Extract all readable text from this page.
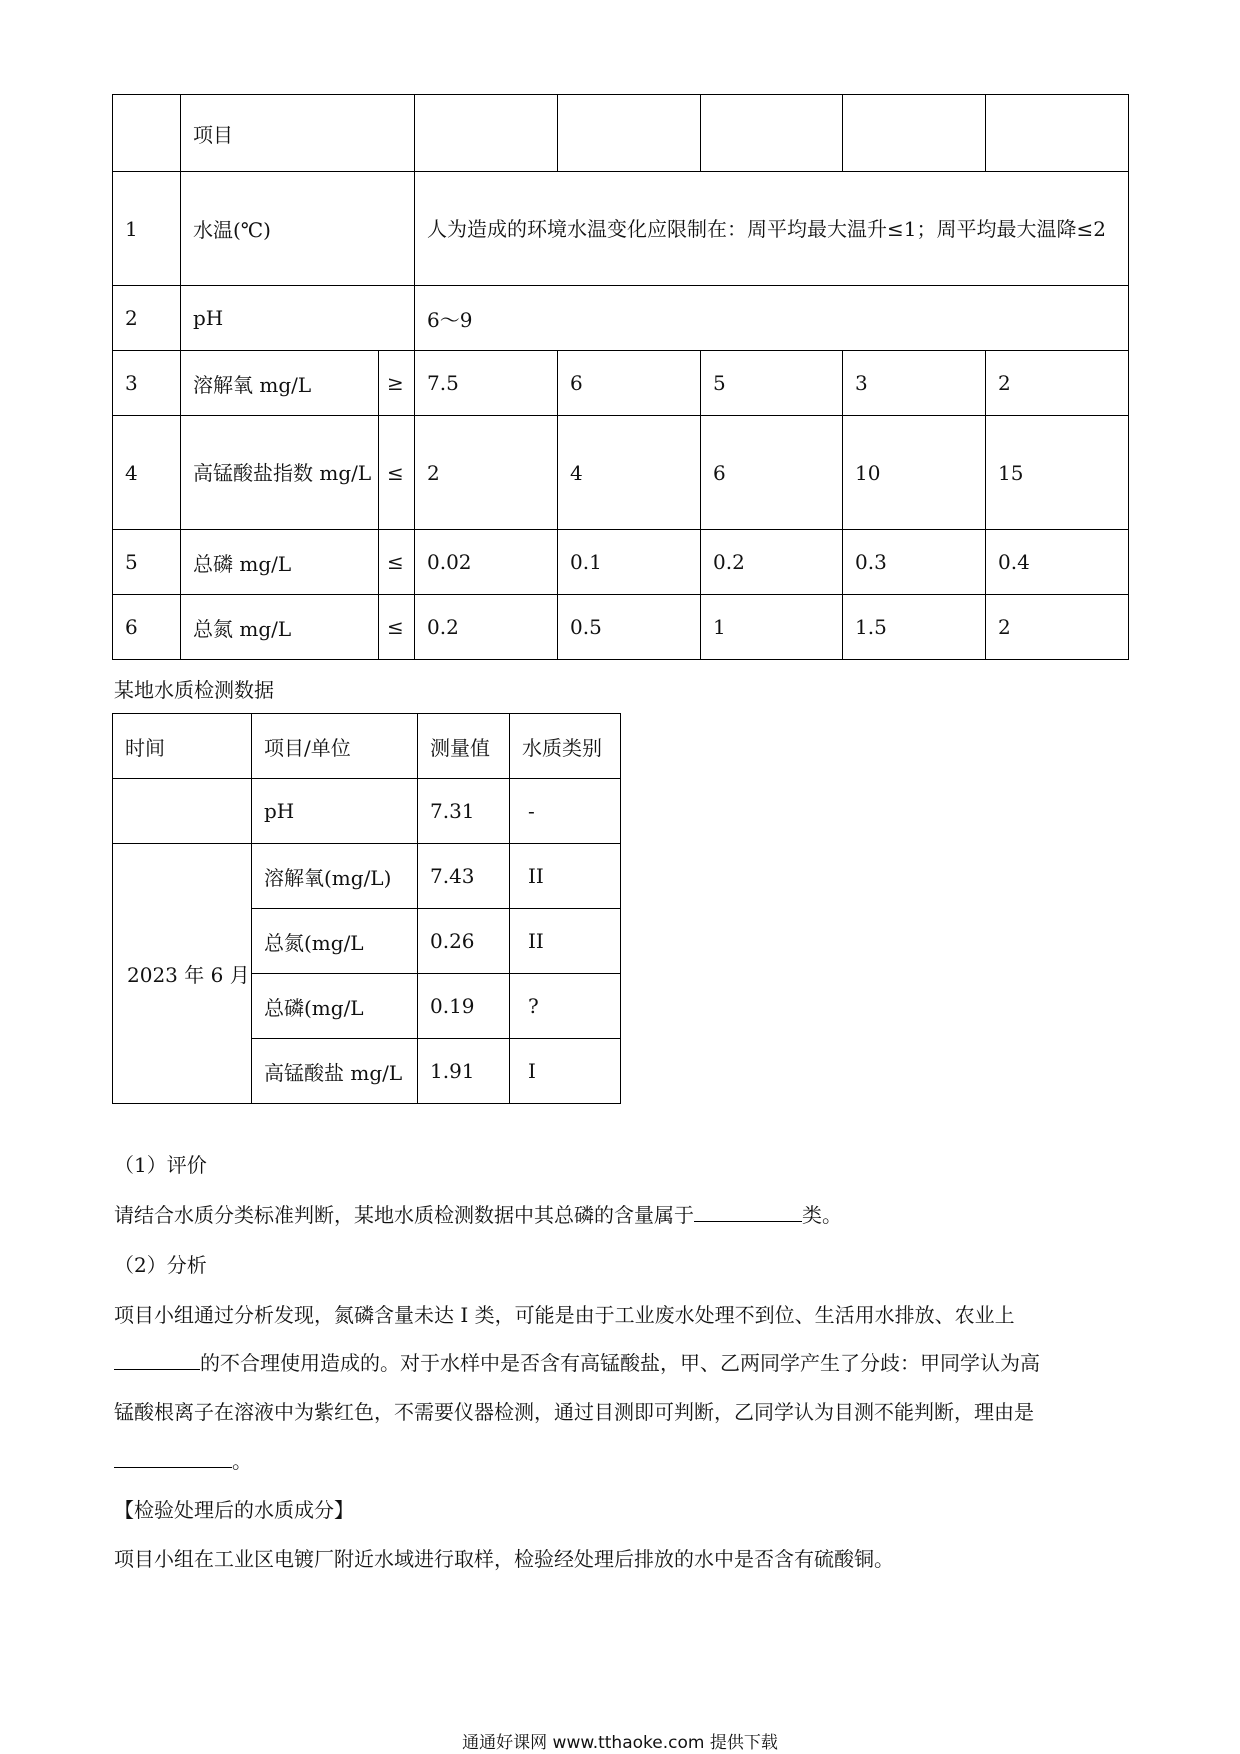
	项目						
1	水温(℃)		人为造成的环境水温变化应限制在：周平均最大温升≤1；周平均最大温降≤2				
2	pH		6～9				
3	溶解氧 mg/L	≥	7.5	6	5	3	2
4	高锰酸盐指数 mg/L	≤	2	4	6	10	15
5	总磷 mg/L	≤	0.02	0.1	0.2	0.3	0.4
6	总氮 mg/L	≤	0.2	0.5	1	1.5	2
某地水质检测数据
时间	项目/单位	测量值	水质类别
	pH	7.31	-
2023 年 6 月	溶解氧(mg/L)	7.43	II
	总氮(mg/L	0.26	II
	总磷(mg/L	0.19	?
	高锰酸盐 mg/L	1.91	I
（1）评价
请结合水质分类标准判断，某地水质检测数据中其总磷的含量属于	类。
（2）分析
项目小组通过分析发现，氮磷含量未达 I 类，可能是由于工业废水处理不到位、生活用水排放、农业上
的不合理使用造成的。对于水样中是否含有高锰酸盐，甲、乙两同学产生了分歧：甲同学认为高
锰酸根离子在溶液中为紫红色，不需要仪器检测，通过目测即可判断，乙同学认为目测不能判断，理由是
。
【检验处理后的水质成分】
项目小组在工业区电镀厂附近水域进行取样，检验经处理后排放的水中是否含有硫酸铜。
通通好课网 www.tthaoke.com 提供下载
